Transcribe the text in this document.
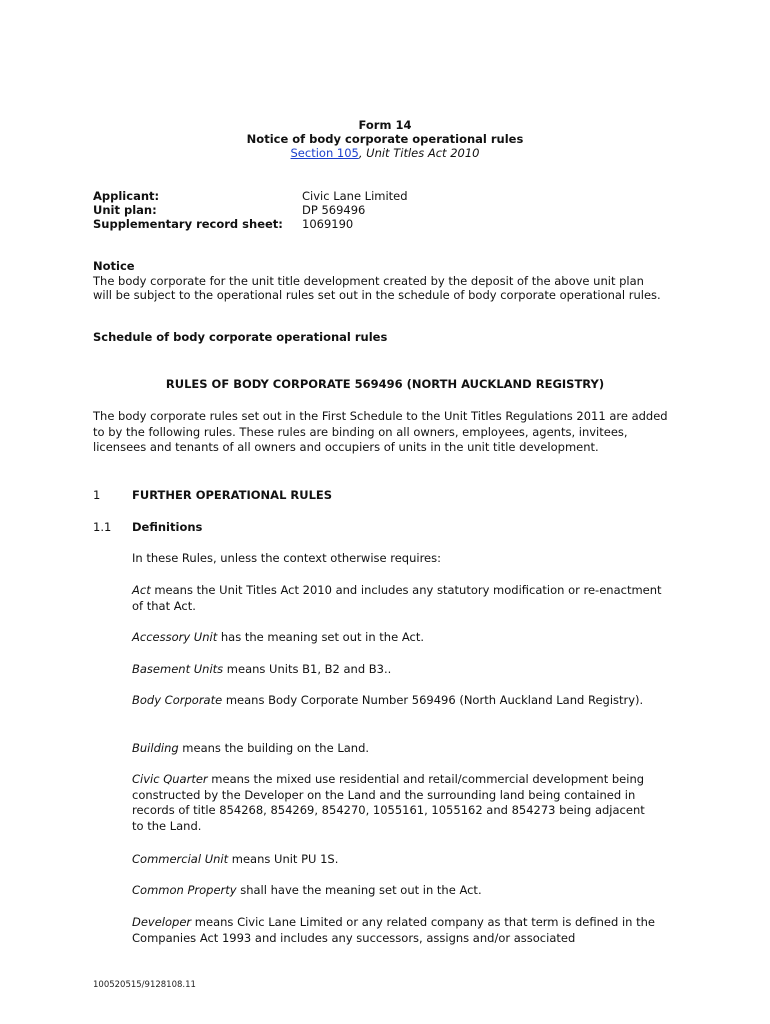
Form 14
Notice of body corporate operational rules
Section 105, Unit Titles Act 2010
Applicant:	Civic Lane Limited
Unit plan:	DP 569496
Supplementary record sheet:	1069190
Notice
The body corporate for the unit title development created by the deposit of the above unit plan will be subject to the operational rules set out in the schedule of body corporate operational rules.
Schedule of body corporate operational rules
RULES OF BODY CORPORATE 569496 (NORTH AUCKLAND REGISTRY)
The body corporate rules set out in the First Schedule to the Unit Titles Regulations 2011 are added to by the following rules. These rules are binding on all owners, employees, agents, invitees, licensees and tenants of all owners and occupiers of units in the unit title development.
1	FURTHER OPERATIONAL RULES
1.1 Definitions
In these Rules, unless the context otherwise requires:
Act means the Unit Titles Act 2010 and includes any statutory modification or re-enactment of that Act.
Accessory Unit has the meaning set out in the Act.
Basement Units means Units B1, B2 and B3..
Body Corporate means Body Corporate Number 569496 (North Auckland Land Registry).
Building means the building on the Land.
Civic Quarter means the mixed use residential and retail/commercial development being constructed by the Developer on the Land and the surrounding land being contained in records of title 854268, 854269, 854270, 1055161, 1055162 and 854273 being adjacent to the Land.
Commercial Unit means Unit PU 1S.
Common Property shall have the meaning set out in the Act.
Developer means Civic Lane Limited or any related company as that term is defined in the Companies Act 1993 and includes any successors, assigns and/or associated
100520515/9128108.11
